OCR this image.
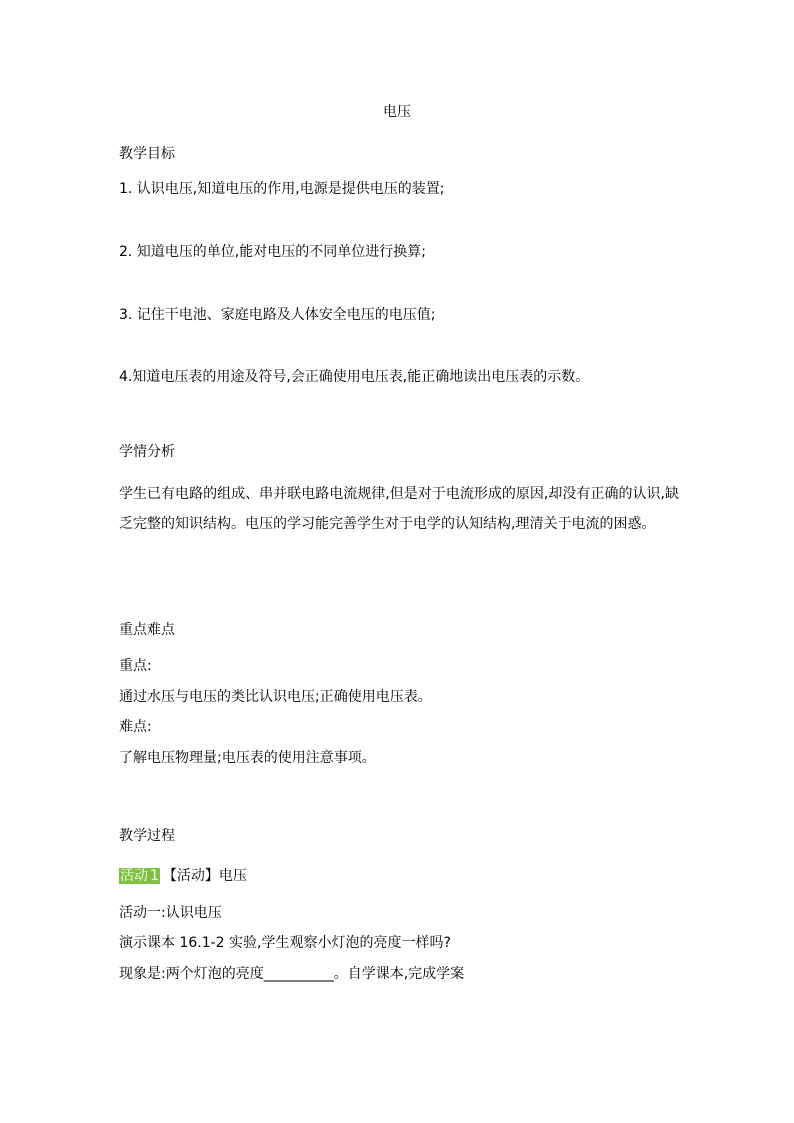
电压
教学目标
1. 认识电压,知道电压的作用,电源是提供电压的装置;
2. 知道电压的单位,能对电压的不同单位进行换算;
3. 记住干电池、家庭电路及人体安全电压的电压值;
4.知道电压表的用途及符号,会正确使用电压表,能正确地读出电压表的示数。
学情分析
学生已有电路的组成、串并联电路电流规律,但是对于电流形成的原因,却没有正确的认识,缺乏完整的知识结构。电压的学习能完善学生对于电学的认知结构,理清关于电流的困惑。
重点难点
重点:
通过水压与电压的类比认识电压;正确使用电压表。
难点:
了解电压物理量;电压表的使用注意事项。
教学过程
活动 1 【活动】电压
活动一:认识电压
演示课本 16.1-2 实验,学生观察小灯泡的亮度一样吗?
现象是:两个灯泡的亮度__________。自学课本,完成学案
